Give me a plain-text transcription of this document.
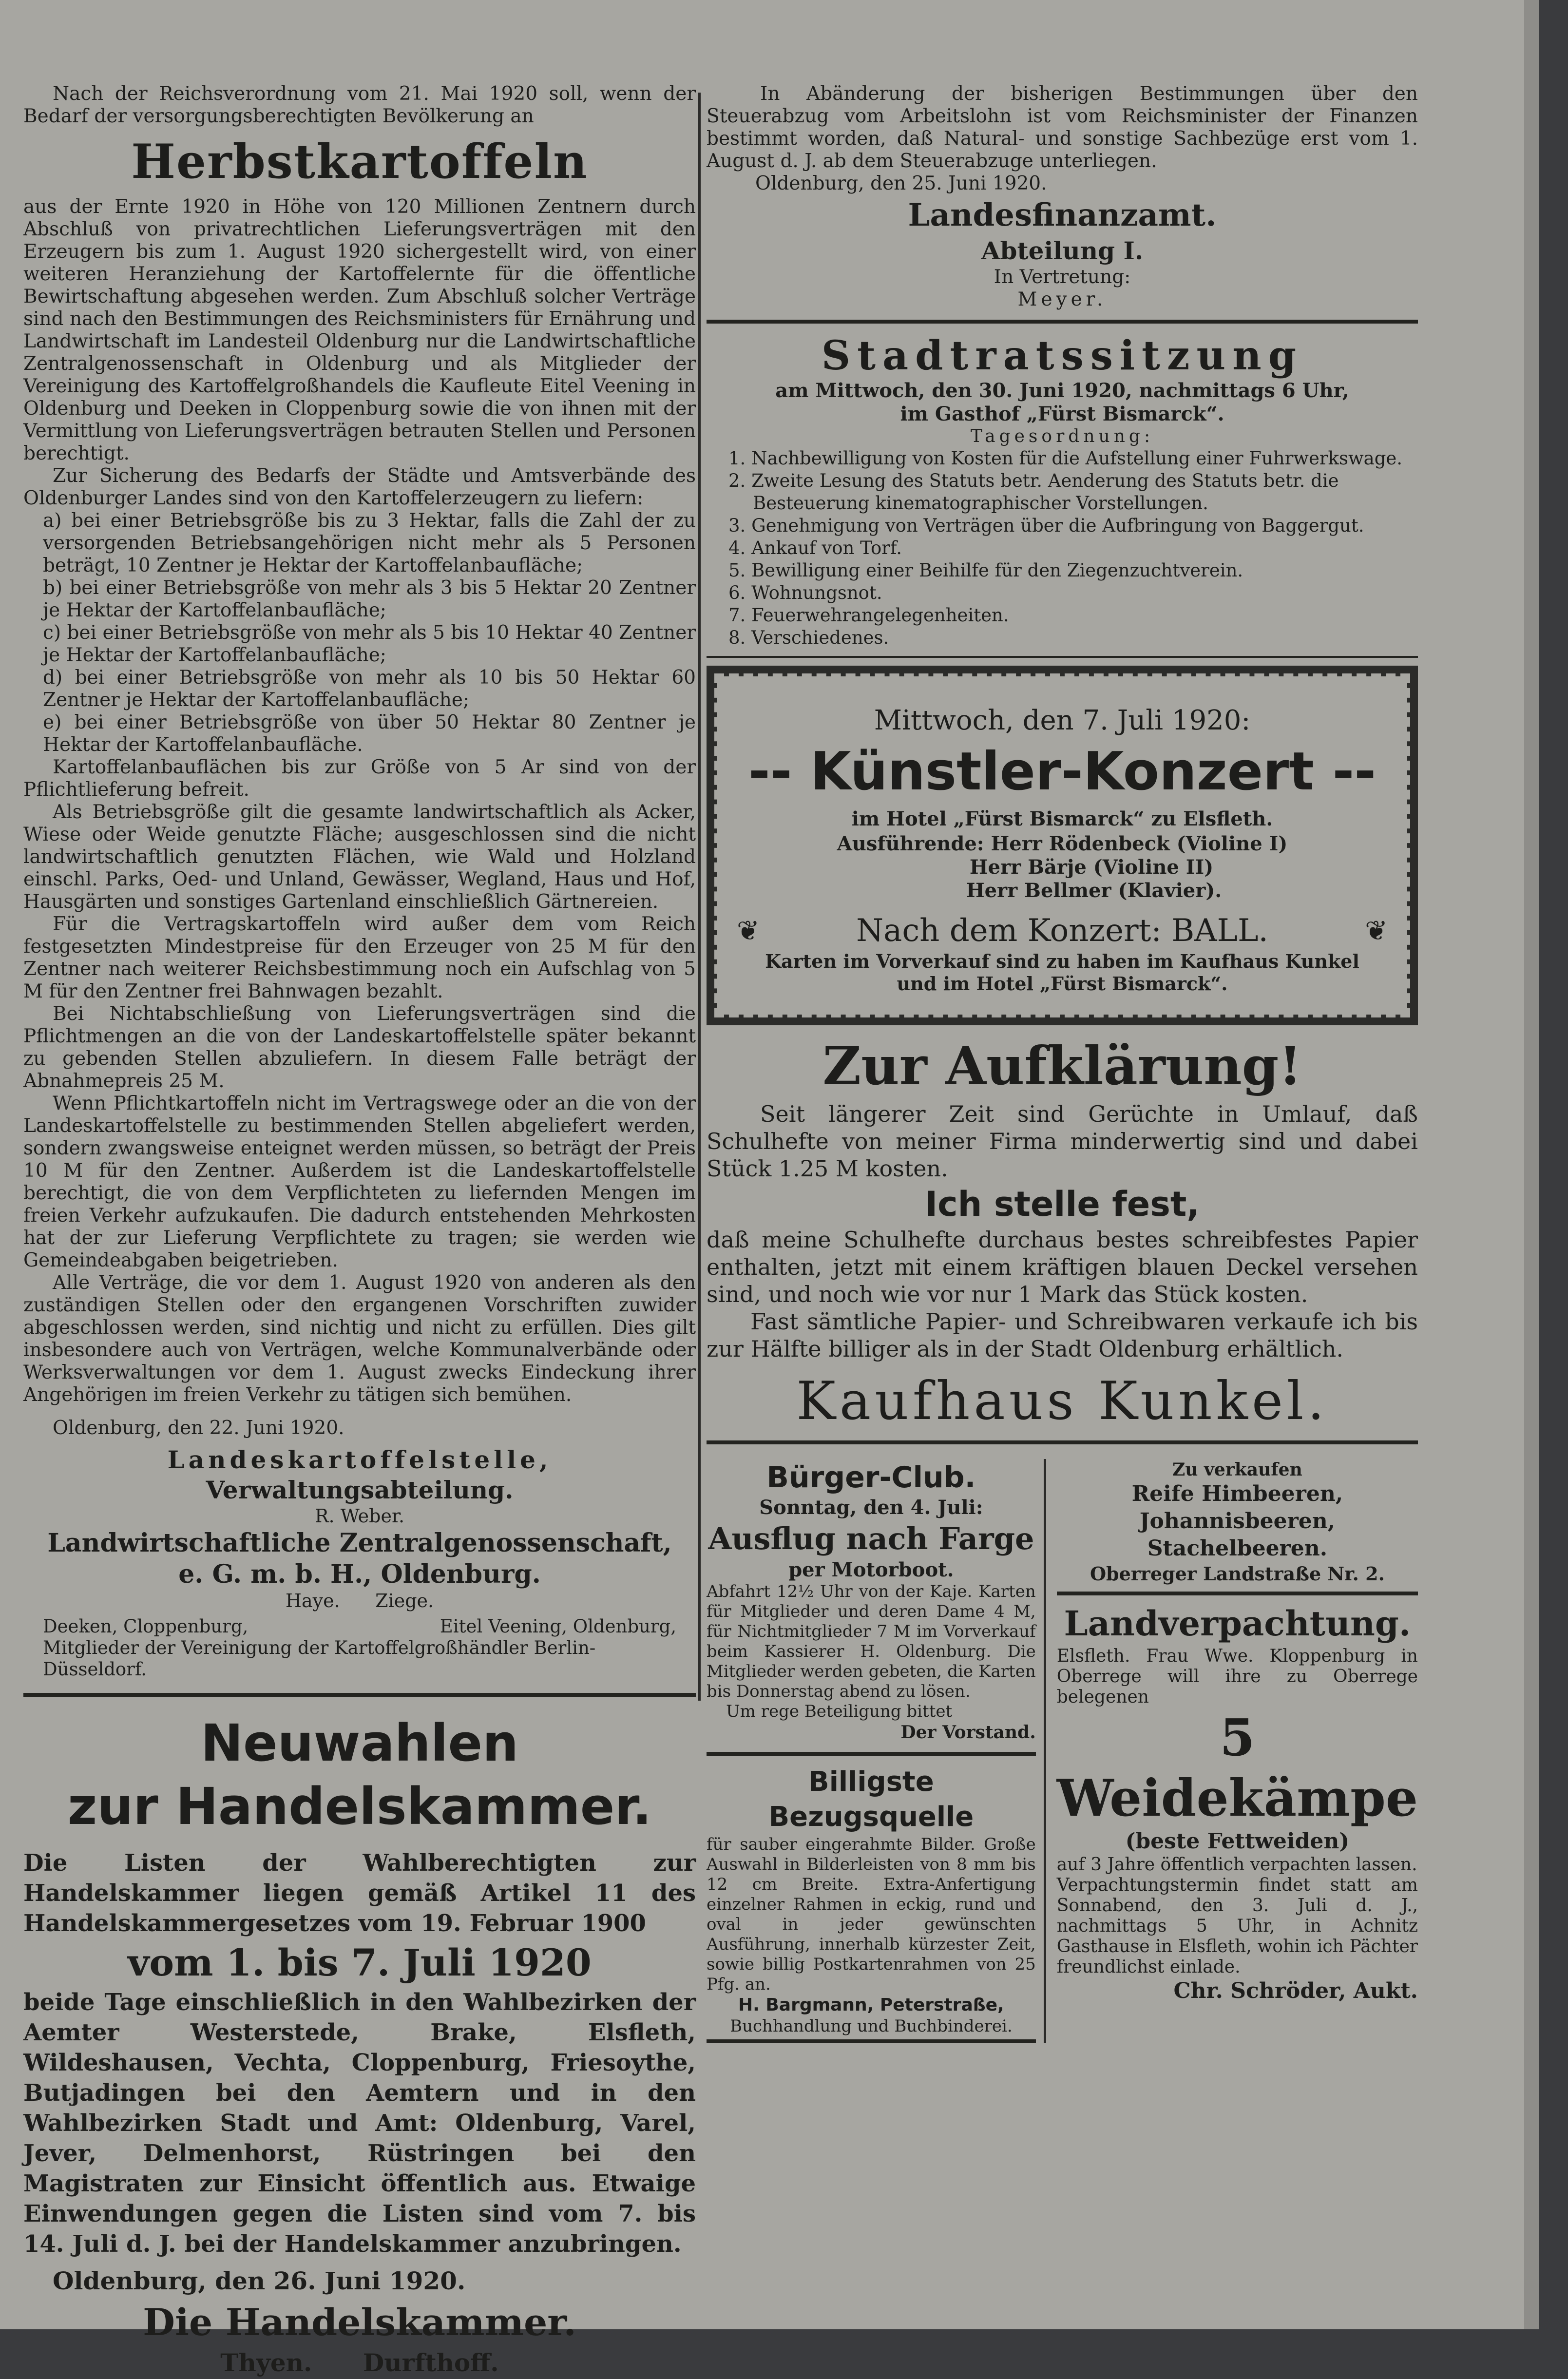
Nach der Reichsverordnung vom 21. Mai 1920 soll, wenn der Bedarf der versorgungsberechtigten Bevölkerung an
Herbstkartoffeln

aus der Ernte 1920 in Höhe von 120 Millionen Zentnern durch Abschluß von privatrechtlichen Lieferungsverträgen mit den Erzeugern bis zum 1. August 1920 sichergestellt wird, von einer weiteren Heranziehung der Kartoffelernte für die öffentliche Bewirtschaftung abgesehen werden. Zum Abschluß solcher Verträge sind nach den Bestimmungen des Reichsministers für Ernährung und Landwirtschaft im Landesteil Oldenburg nur die Landwirtschaftliche Zentralgenossenschaft in Oldenburg und als Mitglieder der Vereinigung des Kartoffelgroßhandels die Kaufleute Eitel Veening in Oldenburg und Deeken in Cloppenburg sowie die von ihnen mit der Vermittlung von Lieferungsverträgen betrauten Stellen und Personen berechtigt.

Zur Sicherung des Bedarfs der Städte und Amtsverbände des Oldenburger Landes sind von den Kartoffelerzeugern zu liefern:

a) bei einer Betriebsgröße bis zu 3 Hektar, falls die Zahl der zu versorgenden Betriebsangehörigen nicht mehr als 5 Personen beträgt, 10 Zentner je Hektar der Kartoffelanbaufläche;
b) bei einer Betriebsgröße von mehr als 3 bis 5 Hektar 20 Zentner je Hektar der Kartoffelanbaufläche;
c) bei einer Betriebsgröße von mehr als 5 bis 10 Hektar 40 Zentner je Hektar der Kartoffelanbaufläche;
d) bei einer Betriebsgröße von mehr als 10 bis 50 Hektar 60 Zentner je Hektar der Kartoffelanbaufläche;
e) bei einer Betriebsgröße von über 50 Hektar 80 Zentner je Hektar der Kartoffelanbaufläche.

Kartoffelanbauflächen bis zur Größe von 5 Ar sind von der Pflichtlieferung befreit.

Als Betriebsgröße gilt die gesamte landwirtschaftlich als Acker, Wiese oder Weide genutzte Fläche; ausgeschlossen sind die nicht landwirtschaftlich genutzten Flächen, wie Wald und Holzland einschl. Parks, Oed- und Unland, Gewässer, Wegland, Haus und Hof, Hausgärten und sonstiges Gartenland einschließlich Gärtnereien.

Für die Vertragskartoffeln wird außer dem vom Reich festgesetzten Mindestpreise für den Erzeuger von 25 M für den Zentner nach weiterer Reichsbestimmung noch ein Aufschlag von 5 M für den Zentner frei Bahnwagen bezahlt.

Bei Nichtabschließung von Lieferungsverträgen sind die Pflichtmengen an die von der Landeskartoffelstelle später bekannt zu gebenden Stellen abzuliefern. In diesem Falle beträgt der Abnahmepreis 25 M.

Wenn Pflichtkartoffeln nicht im Vertragswege oder an die von der Landeskartoffelstelle zu bestimmenden Stellen abgeliefert werden, sondern zwangsweise enteignet werden müssen, so beträgt der Preis 10 M für den Zentner. Außerdem ist die Landeskartoffelstelle berechtigt, die von dem Verpflichteten zu liefernden Mengen im freien Verkehr aufzukaufen. Die dadurch entstehenden Mehrkosten hat der zur Lieferung Verpflichtete zu tragen; sie werden wie Gemeindeabgaben beigetrieben.

Alle Verträge, die vor dem 1. August 1920 von anderen als den zuständigen Stellen oder den ergangenen Vorschriften zuwider abgeschlossen werden, sind nichtig und nicht zu erfüllen. Dies gilt insbesondere auch von Verträgen, welche Kommunalverbände oder Werksverwaltungen vor dem 1. August zwecks Eindeckung ihrer Angehörigen im freien Verkehr zu tätigen sich bemühen.

Oldenburg, den 22. Juni 1920.
Landeskartoffelstelle,
Verwaltungsabteilung.
R. Weber.
Landwirtschaftliche Zentralgenossenschaft,
e. G. m. b. H., Oldenburg.
Haye.      Ziege.
Deeken, Cloppenburg,	Eitel Veening, Oldenburg,
Mitglieder der Vereinigung der Kartoffelgroßhändler Berlin-Düsseldorf.
Neuwahlen
zur Handelskammer.
Die Listen der Wahlberechtigten zur Handelskammer liegen gemäß Artikel 11 des Handelskammergesetzes vom 19. Februar 1900
vom 1. bis 7. Juli 1920
beide Tage einschließlich in den Wahlbezirken der Aemter Westerstede, Brake, Elsfleth, Wildeshausen, Vechta, Cloppenburg, Friesoythe, Butjadingen bei den Aemtern und in den Wahlbezirken Stadt und Amt: Oldenburg, Varel, Jever, Delmenhorst, Rüstringen bei den Magistraten zur Einsicht öffentlich aus. Etwaige Einwendungen gegen die Listen sind vom 7. bis 14. Juli d. J. bei der Handelskammer anzubringen.
Oldenburg, den 26. Juni 1920.
Die Handelskammer.
Thyen.      Durfthoff.
In Abänderung der bisherigen Bestimmungen über den Steuerabzug vom Arbeitslohn ist vom Reichsminister der Finanzen bestimmt worden, daß Natural- und sonstige Sachbezüge erst vom 1. August d. J. ab dem Steuerabzuge unterliegen.
Oldenburg, den 25. Juni 1920.
Landesfinanzamt.
Abteilung I.
In Vertretung:
Meyer.
Stadtratssitzung
am Mittwoch, den 30. Juni 1920, nachmittags 6 Uhr,
im Gasthof „Fürst Bismarck“.
Tagesordnung:
1. Nachbewilligung von Kosten für die Aufstellung einer Fuhrwerkswage.
2. Zweite Lesung des Statuts betr. Aenderung des Statuts betr. die Besteuerung kinematographischer Vorstellungen.
3. Genehmigung von Verträgen über die Aufbringung von Baggergut.
4. Ankauf von Torf.
5. Bewilligung einer Beihilfe für den Ziegenzuchtverein.
6. Wohnungsnot.
7. Feuerwehrangelegenheiten.
8. Verschiedenes.
Mittwoch, den 7. Juli 1920:
-- Künstler-Konzert --
im Hotel „Fürst Bismarck“ zu Elsfleth.
Ausführende: Herr Rödenbeck (Violine I)
Herr Bärje (Violine II)
Herr Bellmer (Klavier).
❦	Nach dem Konzert: BALL.	❦
Karten im Vorverkauf sind zu haben im Kaufhaus Kunkel
und im Hotel „Fürst Bismarck“.
Zur Aufklärung!
Seit längerer Zeit sind Gerüchte in Umlauf, daß Schulhefte von meiner Firma minderwertig sind und dabei Stück 1.25 M kosten.
Ich stelle fest,
daß meine Schulhefte durchaus bestes schreibfestes Papier enthalten, jetzt mit einem kräftigen blauen Deckel versehen sind, und noch wie vor nur 1 Mark das Stück kosten.
Fast sämtliche Papier- und Schreibwaren verkaufe ich bis zur Hälfte billiger als in der Stadt Oldenburg erhältlich.
Kaufhaus Kunkel.
Bürger-Club.
Sonntag, den 4. Juli:
Ausflug nach Farge
per Motorboot.
Abfahrt 12½ Uhr von der Kaje. Karten für Mitglieder und deren Dame 4 M, für Nichtmitglieder 7 M im Vorverkauf beim Kassierer H. Oldenburg. Die Mitglieder werden gebeten, die Karten bis Donnerstag abend zu lösen.
Um rege Beteiligung bittet
Der Vorstand.
Billigste Bezugsquelle
für sauber eingerahmte Bilder. Große Auswahl in Bilderleisten von 8 mm bis 12 cm Breite. Extra-Anfertigung einzelner Rahmen in eckig, rund und oval in jeder gewünschten Ausführung, innerhalb kürzester Zeit, sowie billig Postkartenrahmen von 25 Pfg. an.
H. Bargmann, Peterstraße,
Buchhandlung und Buchbinderei.
Zu verkaufen
Reife Himbeeren,
Johannisbeeren, Stachelbeeren.
Oberreger Landstraße Nr. 2.
Landverpachtung.
Elsfleth. Frau Wwe. Kloppenburg in Oberrege will ihre zu Oberrege belegenen
5 Weidekämpe
(beste Fettweiden)
auf 3 Jahre öffentlich verpachten lassen.
Verpachtungstermin findet statt am Sonnabend, den 3. Juli d. J., nachmittags 5 Uhr, in Achnitz Gasthause in Elsfleth, wohin ich Pächter freundlichst einlade.
Chr. Schröder, Aukt.
